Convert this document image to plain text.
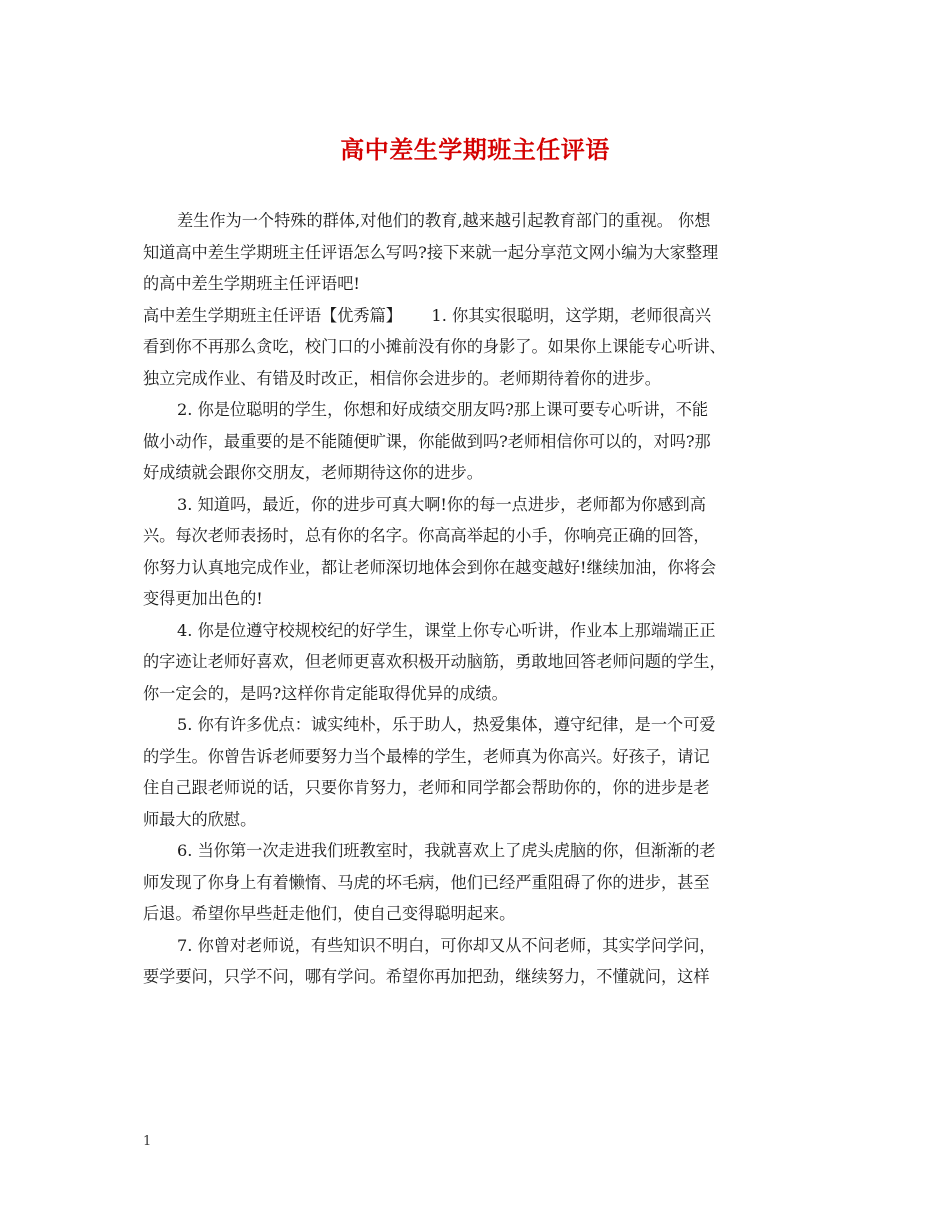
高中差生学期班主任评语
差生作为一个特殊的群体,对他们的教育,越来越引起教育部门的重视。 你想
知道高中差生学期班主任评语怎么写吗?接下来就一起分享范文网小编为大家整理
的高中差生学期班主任评语吧!
高中差生学期班主任评语【优秀篇】　　 1. 你其实很聪明，这学期，老师很高兴
看到你不再那么贪吃，校门口的小摊前没有你的身影了。如果你上课能专心听讲、
独立完成作业、有错及时改正，相信你会进步的。老师期待着你的进步。
2. 你是位聪明的学生，你想和好成绩交朋友吗?那上课可要专心听讲，不能
做小动作，最重要的是不能随便旷课，你能做到吗?老师相信你可以的，对吗?那
好成绩就会跟你交朋友，老师期待这你的进步。
3. 知道吗，最近，你的进步可真大啊!你的每一点进步，老师都为你感到高
兴。每次老师表扬时，总有你的名字。你高高举起的小手，你响亮正确的回答，
你努力认真地完成作业，都让老师深切地体会到你在越变越好!继续加油，你将会
变得更加出色的!
4. 你是位遵守校规校纪的好学生，课堂上你专心听讲，作业本上那端端正正
的字迹让老师好喜欢，但老师更喜欢积极开动脑筋，勇敢地回答老师问题的学生，
你一定会的，是吗?这样你肯定能取得优异的成绩。
5. 你有许多优点：诚实纯朴，乐于助人，热爱集体，遵守纪律，是一个可爱
的学生。你曾告诉老师要努力当个最棒的学生，老师真为你高兴。好孩子，请记
住自己跟老师说的话，只要你肯努力，老师和同学都会帮助你的，你的进步是老
师最大的欣慰。
6. 当你第一次走进我们班教室时，我就喜欢上了虎头虎脑的你，但渐渐的老
师发现了你身上有着懒惰、马虎的坏毛病，他们已经严重阻碍了你的进步，甚至
后退。希望你早些赶走他们，使自己变得聪明起来。
7. 你曾对老师说，有些知识不明白，可你却又从不问老师，其实学问学问，
要学要问，只学不问，哪有学问。希望你再加把劲，继续努力，不懂就问，这样
1
